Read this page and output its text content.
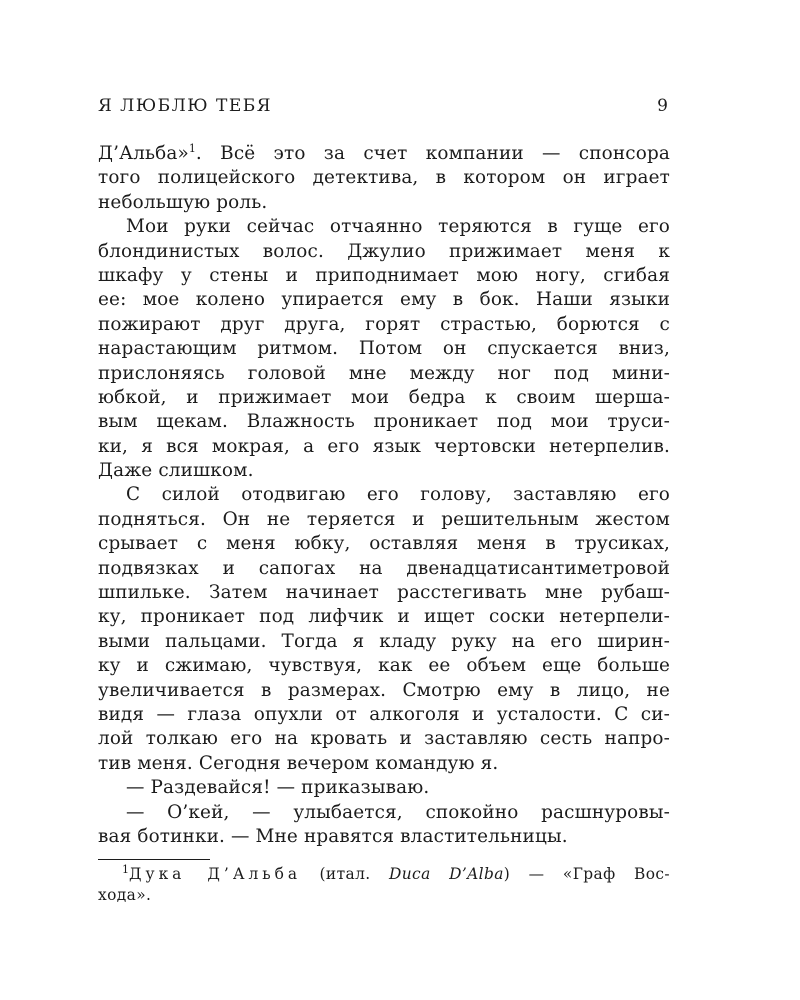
Я ЛЮБЛЮ ТЕБЯ	9
Д’Альба»$^1$. Всё это за счет компании — спонсора
того полицейского детектива, в котором он играет
небольшую роль.
Мои руки сейчас отчаянно теряются в гуще его
блондинистых волос. Джулио прижимает меня к
шкафу у стены и приподнимает мою ногу, сгибая
ее: мое колено упирается ему в бок. Наши языки
пожирают друг друга, горят страстью, борются с
нарастающим ритмом. Потом он спускается вниз,
прислоняясь головой мне между ног под мини-
юбкой, и прижимает мои бедра к своим шерша-
вым щекам. Влажность проникает под мои труси-
ки, я вся мокрая, а его язык чертовски нетерпелив.
Даже слишком.
С силой отодвигаю его голову, заставляю его
подняться. Он не теряется и решительным жестом
срывает с меня юбку, оставляя меня в трусиках,
подвязках и сапогах на двенадцатисантиметровой
шпильке. Затем начинает расстегивать мне рубаш-
ку, проникает под лифчик и ищет соски нетерпели-
выми пальцами. Тогда я кладу руку на его ширин-
ку и сжимаю, чувствуя, как ее объем еще больше
увеличивается в размерах. Смотрю ему в лицо, не
видя — глаза опухли от алкоголя и усталости. С си-
лой толкаю его на кровать и заставляю сесть напро-
тив меня. Сегодня вечером командую я.
— Раздевайся! — приказываю.
— О’кей, — улыбается, спокойно расшнуровы-
вая ботинки. — Мне нравятся властительницы.
$^1$Дука Д’Альба (итал. Duca D’Alba) — «Граф Вос-
хода».
